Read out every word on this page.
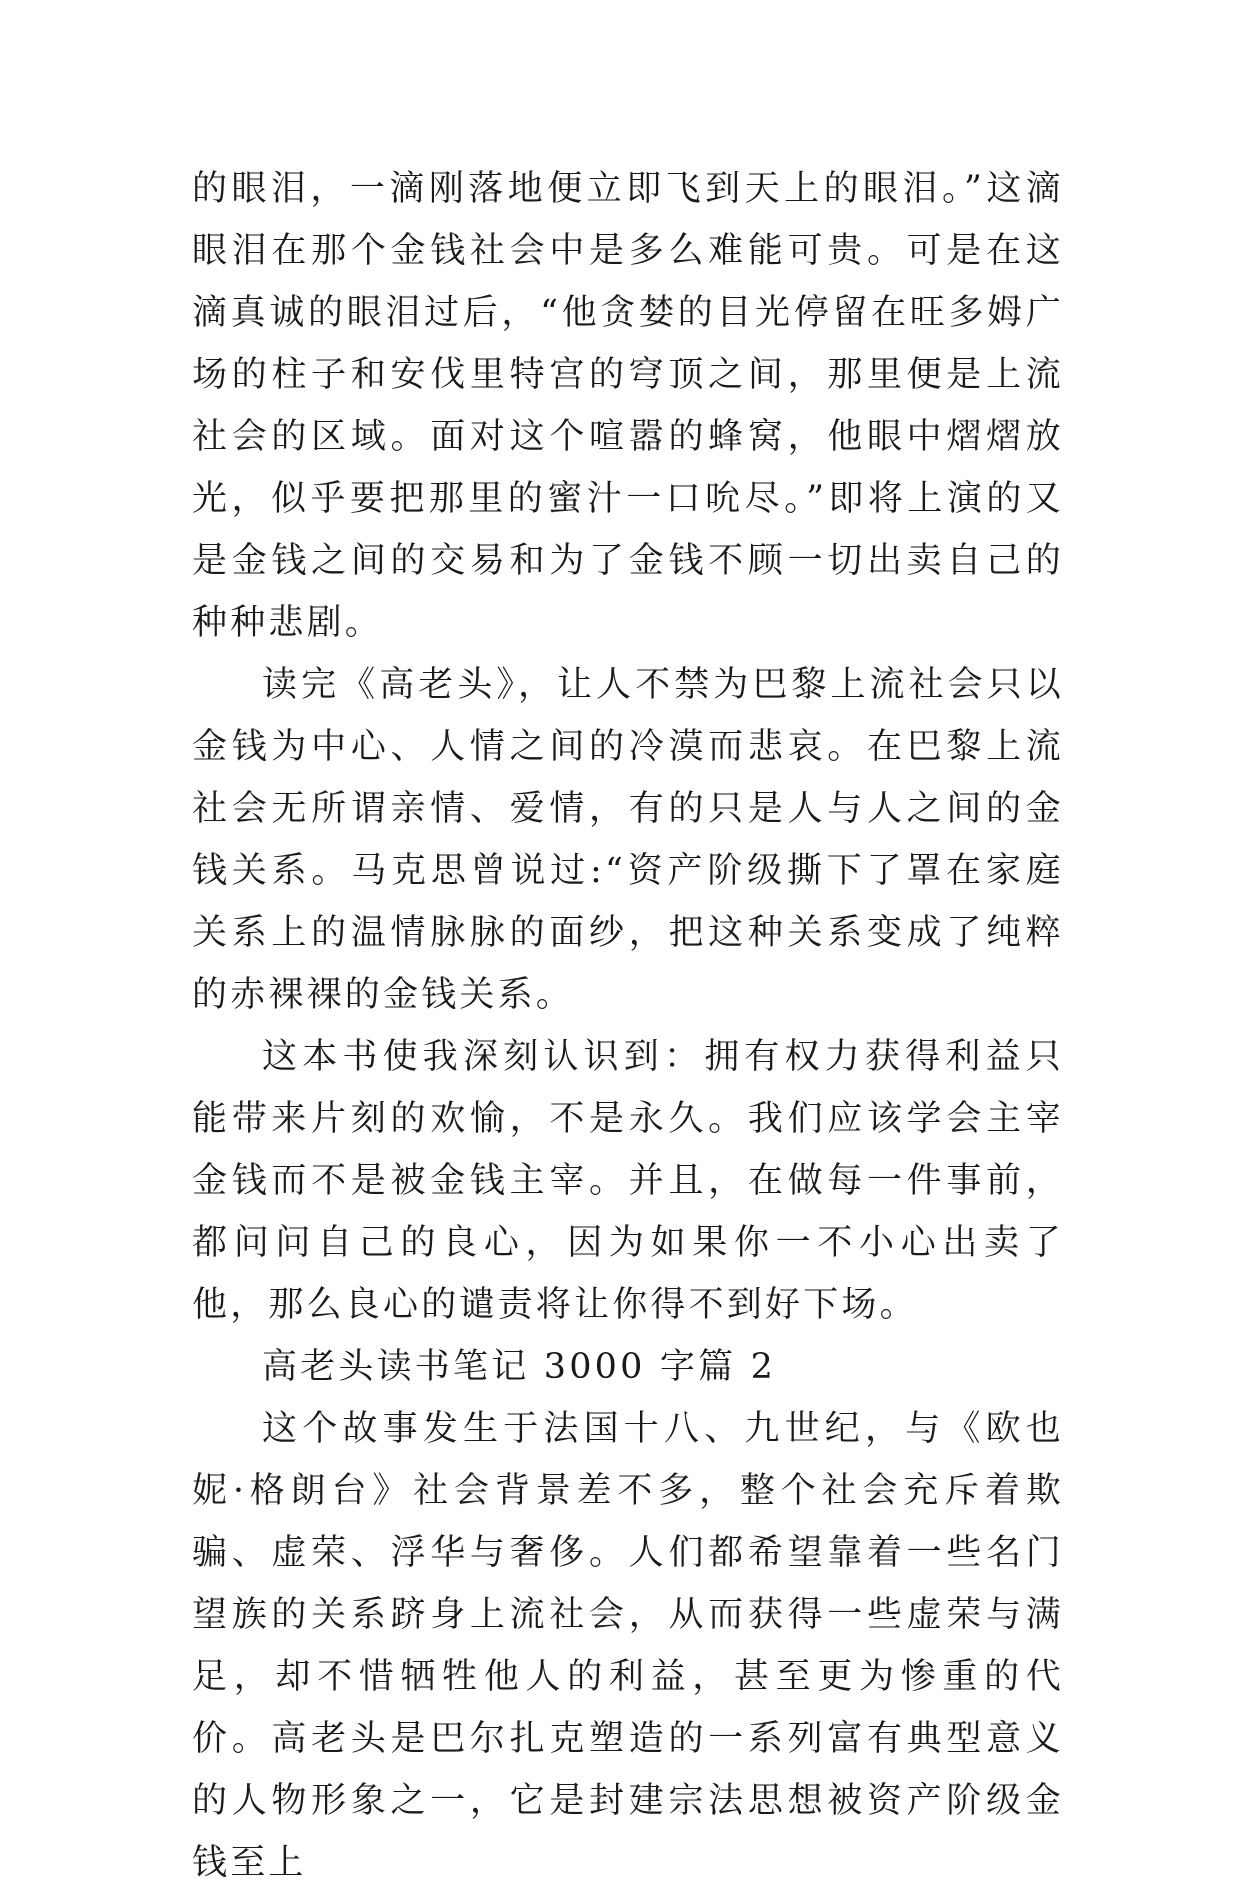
的眼泪，一滴刚落地便立即飞到天上的眼泪。”这滴眼泪在那个金钱社会中是多么难能可贵。可是在这滴真诚的眼泪过后，“他贪婪的目光停留在旺多姆广场的柱子和安伐里特宫的穹顶之间，那里便是上流社会的区域。面对这个喧嚣的蜂窝，他眼中熠熠放光，似乎要把那里的蜜汁一口吮尽。”即将上演的又是金钱之间的交易和为了金钱不顾一切出卖自己的种种悲剧。

读完《高老头》，让人不禁为巴黎上流社会只以金钱为中心、人情之间的冷漠而悲哀。在巴黎上流社会无所谓亲情、爱情，有的只是人与人之间的金钱关系。马克思曾说过:“资产阶级撕下了罩在家庭关系上的温情脉脉的面纱，把这种关系变成了纯粹的赤裸裸的金钱关系。

这本书使我深刻认识到：拥有权力获得利益只能带来片刻的欢愉，不是永久。我们应该学会主宰金钱而不是被金钱主宰。并且，在做每一件事前，都问问自己的良心，因为如果你一不小心出卖了他，那么良心的谴责将让你得不到好下场。

高老头读书笔记 3000 字篇 2

这个故事发生于法国十八、九世纪，与《欧也妮·格朗台》社会背景差不多，整个社会充斥着欺骗、虚荣、浮华与奢侈。人们都希望靠着一些名门望族的关系跻身上流社会，从而获得一些虚荣与满足，却不惜牺牲他人的利益，甚至更为惨重的代价。高老头是巴尔扎克塑造的一系列富有典型意义的人物形象之一，它是封建宗法思想被资产阶级金钱至上
